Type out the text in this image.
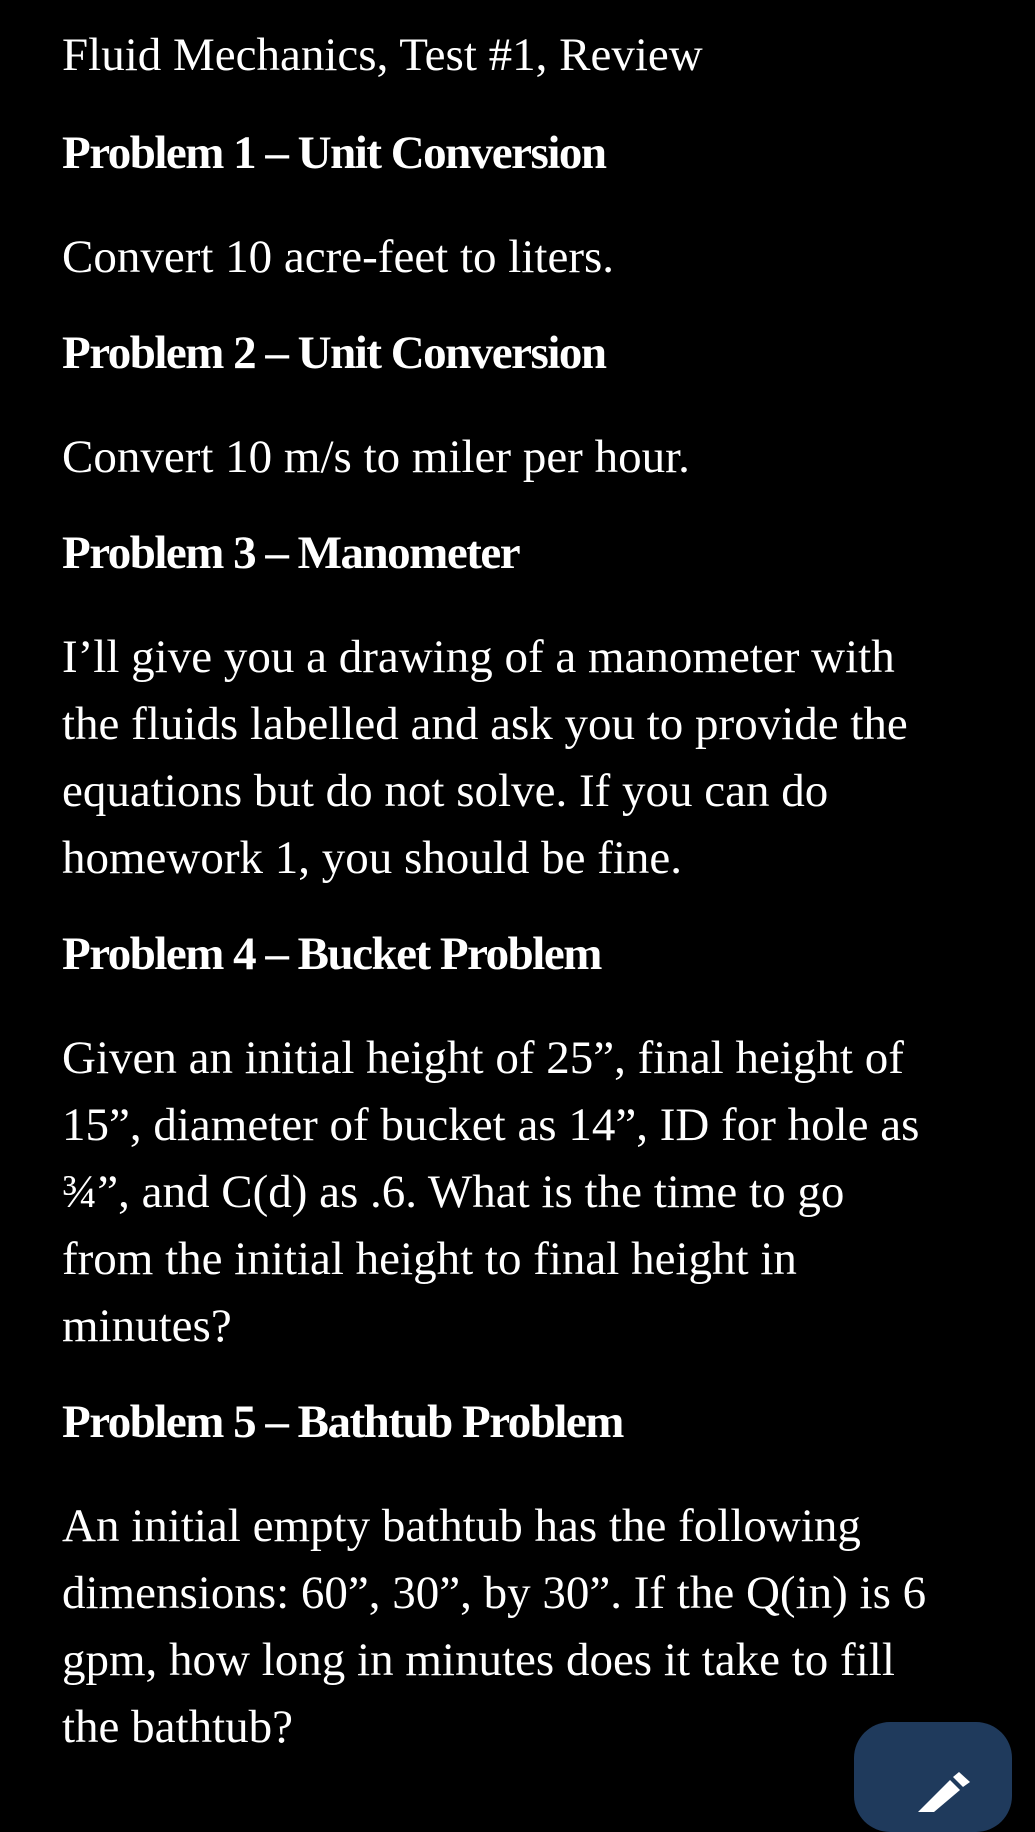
Fluid Mechanics, Test #1, Review
Problem 1 – Unit Conversion
Convert 10 acre-feet to liters.
Problem 2 – Unit Conversion
Convert 10 m/s to miler per hour.
Problem 3 – Manometer
I’ll give you a drawing of a manometer with
the fluids labelled and ask you to provide the
equations but do not solve. If you can do
homework 1, you should be fine.
Problem 4 – Bucket Problem
Given an initial height of 25”, final height of
15”, diameter of bucket as 14”, ID for hole as
¾”, and C(d) as .6. What is the time to go
from the initial height to final height in
minutes?
Problem 5 – Bathtub Problem
An initial empty bathtub has the following
dimensions: 60”, 30”, by 30”. If the Q(in) is 6
gpm, how long in minutes does it take to fill
the bathtub?
